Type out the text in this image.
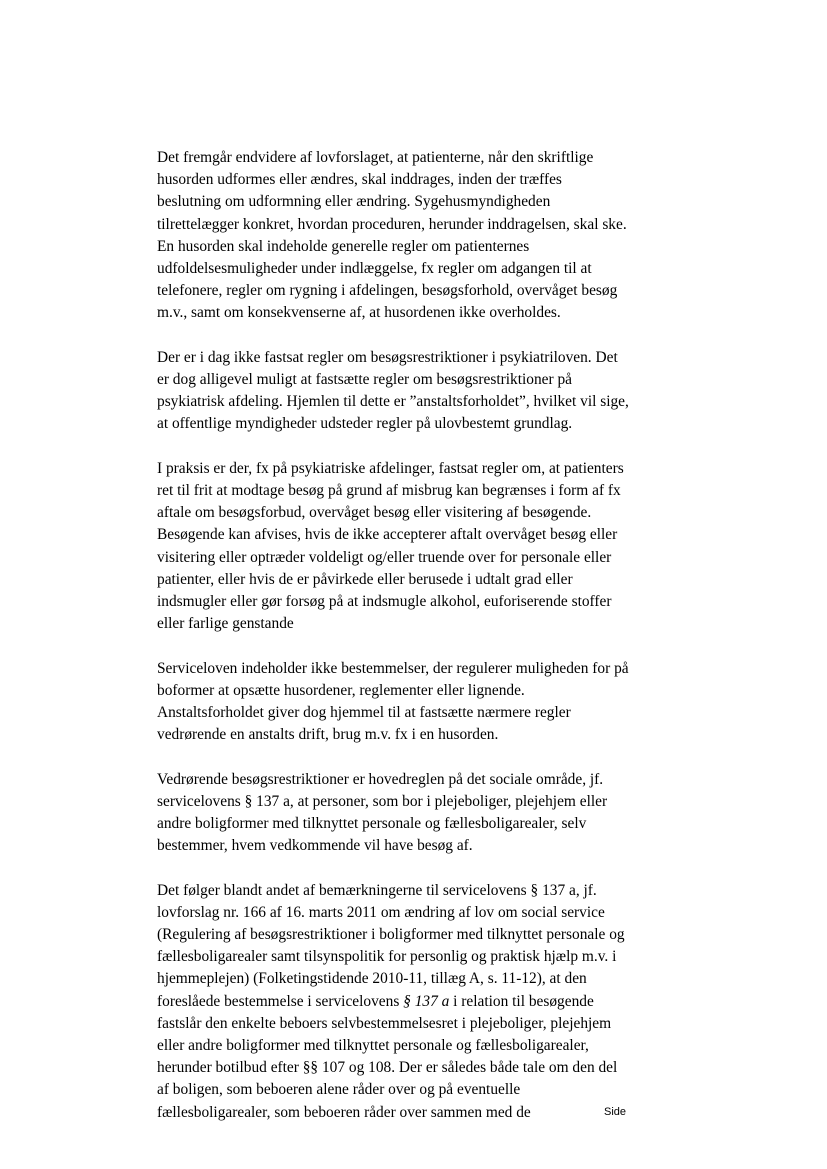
Det fremgår endvidere af lovforslaget, at patienterne, når den skriftlige
husorden udformes eller ændres, skal inddrages, inden der træffes
beslutning om udformning eller ændring. Sygehusmyndigheden
tilrettelægger konkret, hvordan proceduren, herunder inddragelsen, skal ske.
En husorden skal indeholde generelle regler om patienternes
udfoldelsesmuligheder under indlæggelse, fx regler om adgangen til at
telefonere, regler om rygning i afdelingen, besøgsforhold, overvåget besøg
m.v., samt om konsekvenserne af, at husordenen ikke overholdes.

Der er i dag ikke fastsat regler om besøgsrestriktioner i psykiatriloven. Det
er dog alligevel muligt at fastsætte regler om besøgsrestriktioner på
psykiatrisk afdeling. Hjemlen til dette er ”anstaltsforholdet”, hvilket vil sige,
at offentlige myndigheder udsteder regler på ulovbestemt grundlag.

I praksis er der, fx på psykiatriske afdelinger, fastsat regler om, at patienters
ret til frit at modtage besøg på grund af misbrug kan begrænses i form af fx
aftale om besøgsforbud, overvåget besøg eller visitering af besøgende.
Besøgende kan afvises, hvis de ikke accepterer aftalt overvåget besøg eller
visitering eller optræder voldeligt og/eller truende over for personale eller
patienter, eller hvis de er påvirkede eller berusede i udtalt grad eller
indsmugler eller gør forsøg på at indsmugle alkohol, euforiserende stoffer
eller farlige genstande

Serviceloven indeholder ikke bestemmelser, der regulerer muligheden for på
boformer at opsætte husordener, reglementer eller lignende.
Anstaltsforholdet giver dog hjemmel til at fastsætte nærmere regler
vedrørende en anstalts drift, brug m.v. fx i en husorden.

Vedrørende besøgsrestriktioner er hovedreglen på det sociale område, jf.
servicelovens § 137 a, at personer, som bor i plejeboliger, plejehjem eller
andre boligformer med tilknyttet personale og fællesboligarealer, selv
bestemmer, hvem vedkommende vil have besøg af.

Det følger blandt andet af bemærkningerne til servicelovens § 137 a, jf.
lovforslag nr. 166 af 16. marts 2011 om ændring af lov om social service
(Regulering af besøgsrestriktioner i boligformer med tilknyttet personale og
fællesboligarealer samt tilsynspolitik for personlig og praktisk hjælp m.v. i
hjemmeplejen) (Folketingstidende 2010-11, tillæg A, s. 11-12), at den
foreslåede bestemmelse i servicelovens § 137 a i relation til besøgende
fastslår den enkelte beboers selvbestemmelsesret i plejeboliger, plejehjem
eller andre boligformer med tilknyttet personale og fællesboligarealer,
herunder botilbud efter §§ 107 og 108. Der er således både tale om den del
af boligen, som beboeren alene råder over og på eventuelle
fællesboligarealer, som beboeren råder over sammen med de	Side
